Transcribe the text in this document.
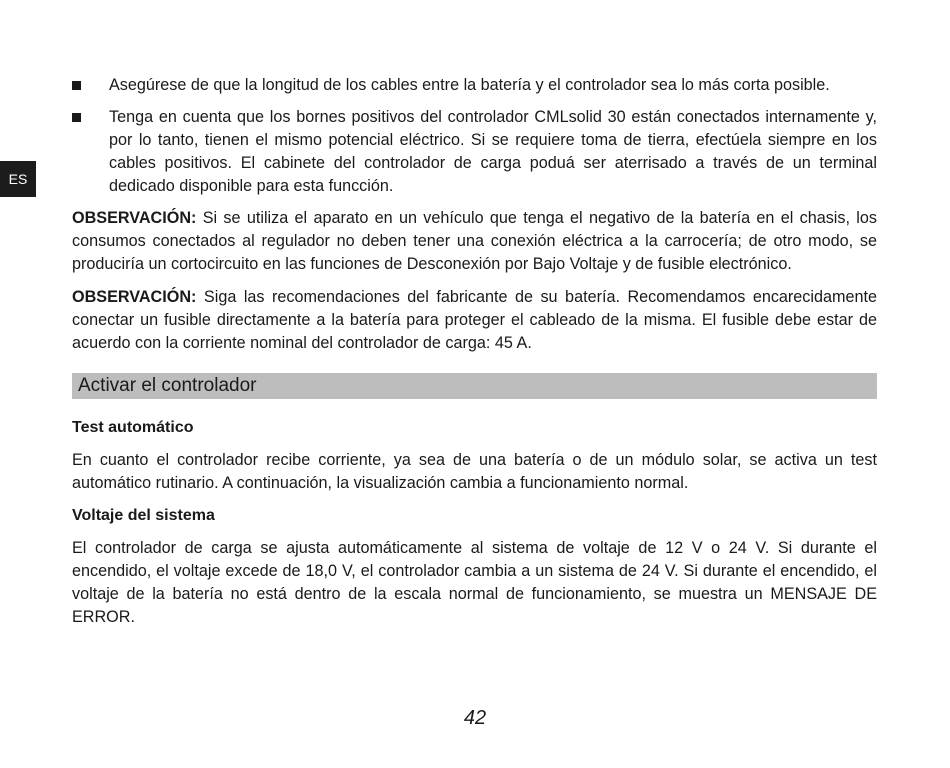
ES
Asegúrese de que la longitud de los cables entre la batería y el controlador sea lo más corta posible.
Tenga en cuenta que los bornes positivos del controlador CMLsolid 30 están conectados internamente y, por lo tanto, tienen el mismo potencial eléctrico. Si se requiere toma de tierra, efectúela siempre en los cables positivos. El cabinete del controlador de carga poduá ser aterrisado a través de un terminal dedicado disponible para esta funcción.

OBSERVACIÓN: Si se utiliza el aparato en un vehículo que tenga el negativo de la batería en el chasis, los consumos conectados al regulador no deben tener una conexión eléctrica a la carrocería; de otro modo, se produciría un cortocircuito en las funciones de Desconexión por Bajo Voltaje y de fusible electrónico.

OBSERVACIÓN: Siga las recomendaciones del fabricante de su batería. Recomendamos encarecidamente conectar un fusible directamente a la batería para proteger el cableado de la misma. El fusible debe estar de acuerdo con la corriente nominal del controlador de carga: 45 A.

Activar el controlador
Test automático

En cuanto el controlador recibe corriente, ya sea de una batería o de un módulo solar, se activa un test automático rutinario. A continuación, la visualización cambia a funcionamiento normal.

Voltaje del sistema

El controlador de carga se ajusta automáticamente al sistema de voltaje de 12 V o 24 V. Si durante el encendido, el voltaje excede de 18,0 V, el controlador cambia a un sistema de 24 V. Si durante el encendido, el voltaje de la batería no está dentro de la escala normal de funcionamiento, se muestra un MENSAJE DE ERROR.

42
